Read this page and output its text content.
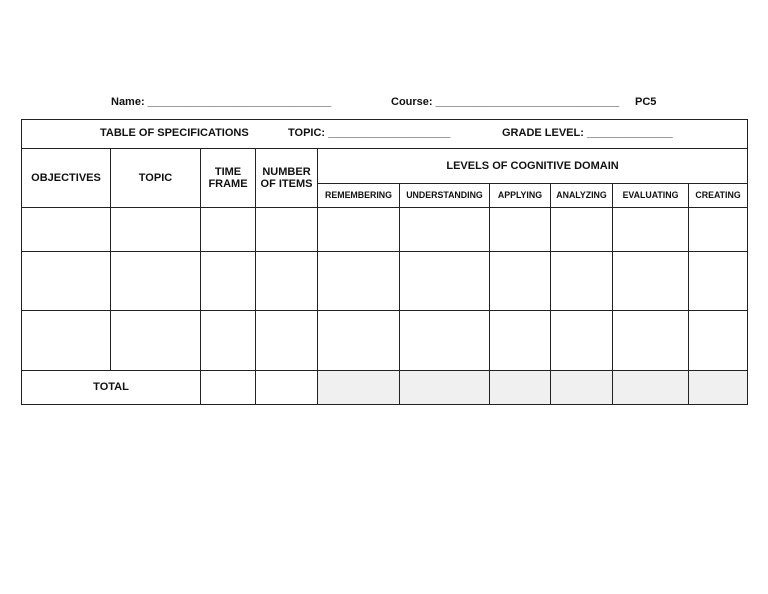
Name: ______________________________	Course: ______________________________ PC5
TABLE OF SPECIFICATIONS TOPIC: ____________________ GRADE LEVEL: ______________									

OBJECTIVES	TOPIC	TIME FRAME	NUMBER OF ITEMS	LEVELS OF COGNITIVE DOMAIN					
				REMEMBERING	UNDERSTANDING	APPLYING	ANALYZING	EVALUATING	CREATING

TOTAL									
